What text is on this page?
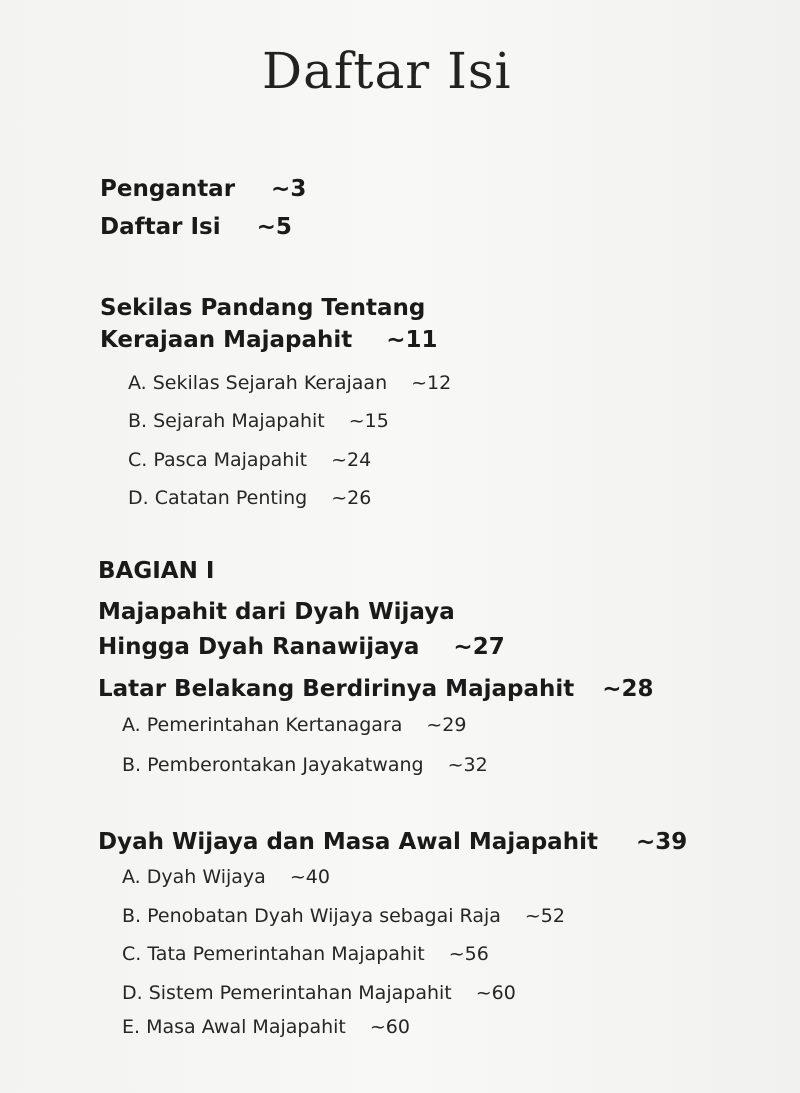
Daftar Isi
Pengantar ~3
Daftar Isi ~5
Sekilas Pandang Tentang
Kerajaan Majapahit ~11
A. Sekilas Sejarah Kerajaan ~12
B. Sejarah Majapahit ~15
C. Pasca Majapahit ~24
D. Catatan Penting ~26
BAGIAN I
Majapahit dari Dyah Wijaya
Hingga Dyah Ranawijaya ~27
Latar Belakang Berdirinya Majapahit ~28
A. Pemerintahan Kertanagara ~29
B. Pemberontakan Jayakatwang ~32
Dyah Wijaya dan Masa Awal Majapahit ~39
A. Dyah Wijaya ~40
B. Penobatan Dyah Wijaya sebagai Raja ~52
C. Tata Pemerintahan Majapahit ~56
D. Sistem Pemerintahan Majapahit ~60
E. Masa Awal Majapahit ~60
